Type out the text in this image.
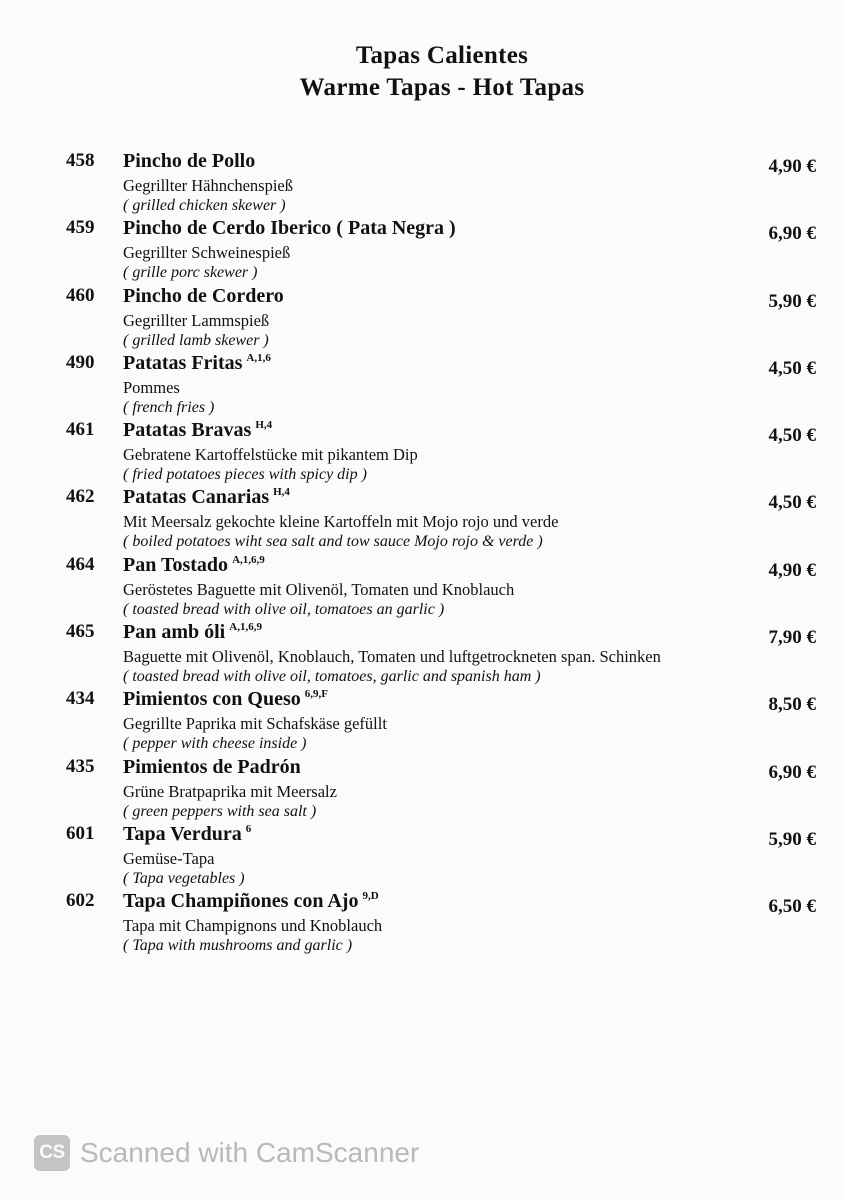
Tapas Calientes
Warme Tapas - Hot Tapas
458 Pincho de Pollo
Gegrillter Hähnchenspieß
( grilled chicken skewer )
4,90 €
459 Pincho de Cerdo Iberico ( Pata Negra )
Gegrillter Schweinespieß
( grille porc skewer )
6,90 €
460 Pincho de Cordero
Gegrillter Lammspieß
( grilled lamb skewer )
5,90 €
490 Patatas Fritas $^{A,1,6}$
Pommes
( french fries )
4,50 €
461 Patatas Bravas $^{H,4}$
Gebratene Kartoffelstücke mit pikantem Dip
( fried potatoes pieces with spicy dip )
4,50 €
462 Patatas Canarias $^{H,4}$
Mit Meersalz gekochte kleine Kartoffeln mit Mojo rojo und verde
( boiled potatoes wiht sea salt and tow sauce Mojo rojo & verde )
4,50 €
464 Pan Tostado $^{A,1,6,9}$
Geröstetes Baguette mit Olivenöl, Tomaten und Knoblauch
( toasted bread with olive oil, tomatoes an garlic )
4,90 €
465 Pan amb óli $^{A,1,6,9}$
Baguette mit Olivenöl, Knoblauch, Tomaten und luftgetrockneten span. Schinken
( toasted bread with olive oil, tomatoes, garlic and spanish ham )
7,90 €
434 Pimientos con Queso $^{6,9,F}$
Gegrillte Paprika mit Schafskäse gefüllt
( pepper with cheese inside )
8,50 €
435 Pimientos de Padrón
Grüne Bratpaprika mit Meersalz
( green peppers with sea salt )
6,90 €
601 Tapa Verdura $^6$
Gemüse-Tapa
( Tapa vegetables )
5,90 €
602 Tapa Champiñones con Ajo $^{9,D}$
Tapa mit Champignons und Knoblauch
( Tapa with mushrooms and garlic )
6,50 €
CS Scanned with CamScanner
